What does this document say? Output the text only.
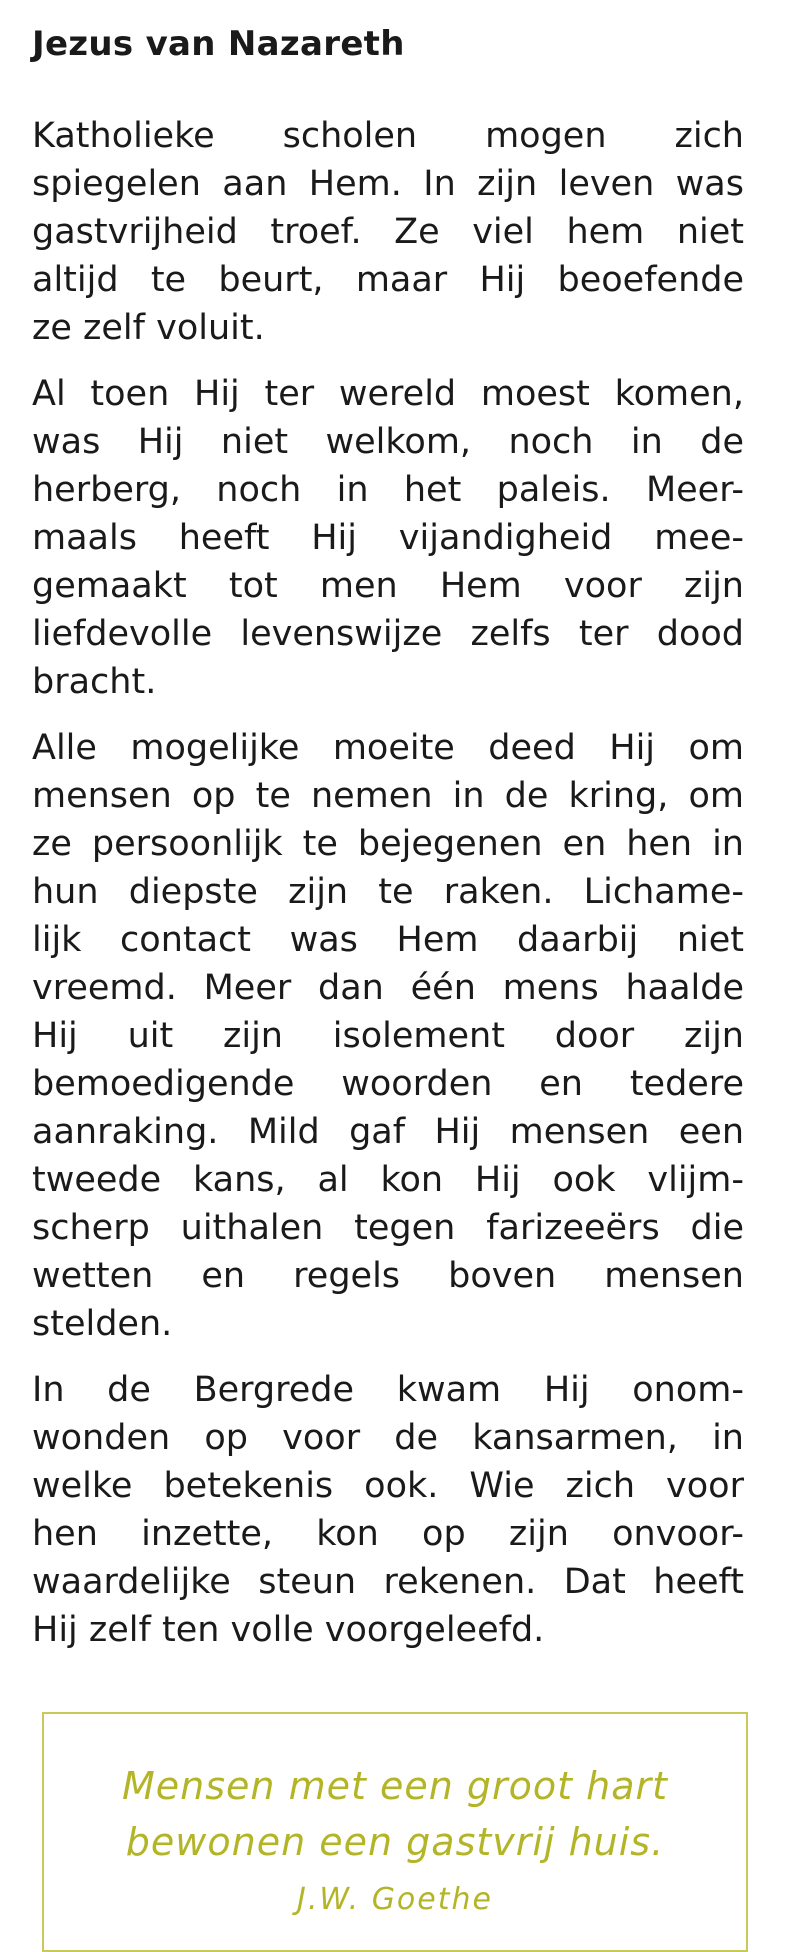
Jezus van Nazareth

Katholieke scholen mogen zich
spiegelen aan Hem. In zijn leven was
gastvrijheid troef. Ze viel hem niet
altijd te beurt, maar Hij beoefende
ze zelf voluit.

Al toen Hij ter wereld moest komen,
was Hij niet welkom, noch in de
herberg, noch in het paleis. Meer-
maals heeft Hij vijandigheid mee-
gemaakt tot men Hem voor zijn
liefdevolle levenswijze zelfs ter dood
bracht.

Alle mogelijke moeite deed Hij om
mensen op te nemen in de kring, om
ze persoonlijk te bejegenen en hen in
hun diepste zijn te raken. Lichame-
lijk contact was Hem daarbij niet
vreemd. Meer dan één mens haalde
Hij uit zijn isolement door zijn
bemoedigende woorden en tedere
aanraking. Mild gaf Hij mensen een
tweede kans, al kon Hij ook vlijm-
scherp uithalen tegen farizeeërs die
wetten en regels boven mensen
stelden.

In de Bergrede kwam Hij onom-
wonden op voor de kansarmen, in
welke betekenis ook. Wie zich voor
hen inzette, kon op zijn onvoor-
waardelijke steun rekenen. Dat heeft
Hij zelf ten volle voorgeleefd.

Mensen met een groot hart
bewonen een gastvrij huis.
J.W. Goethe
